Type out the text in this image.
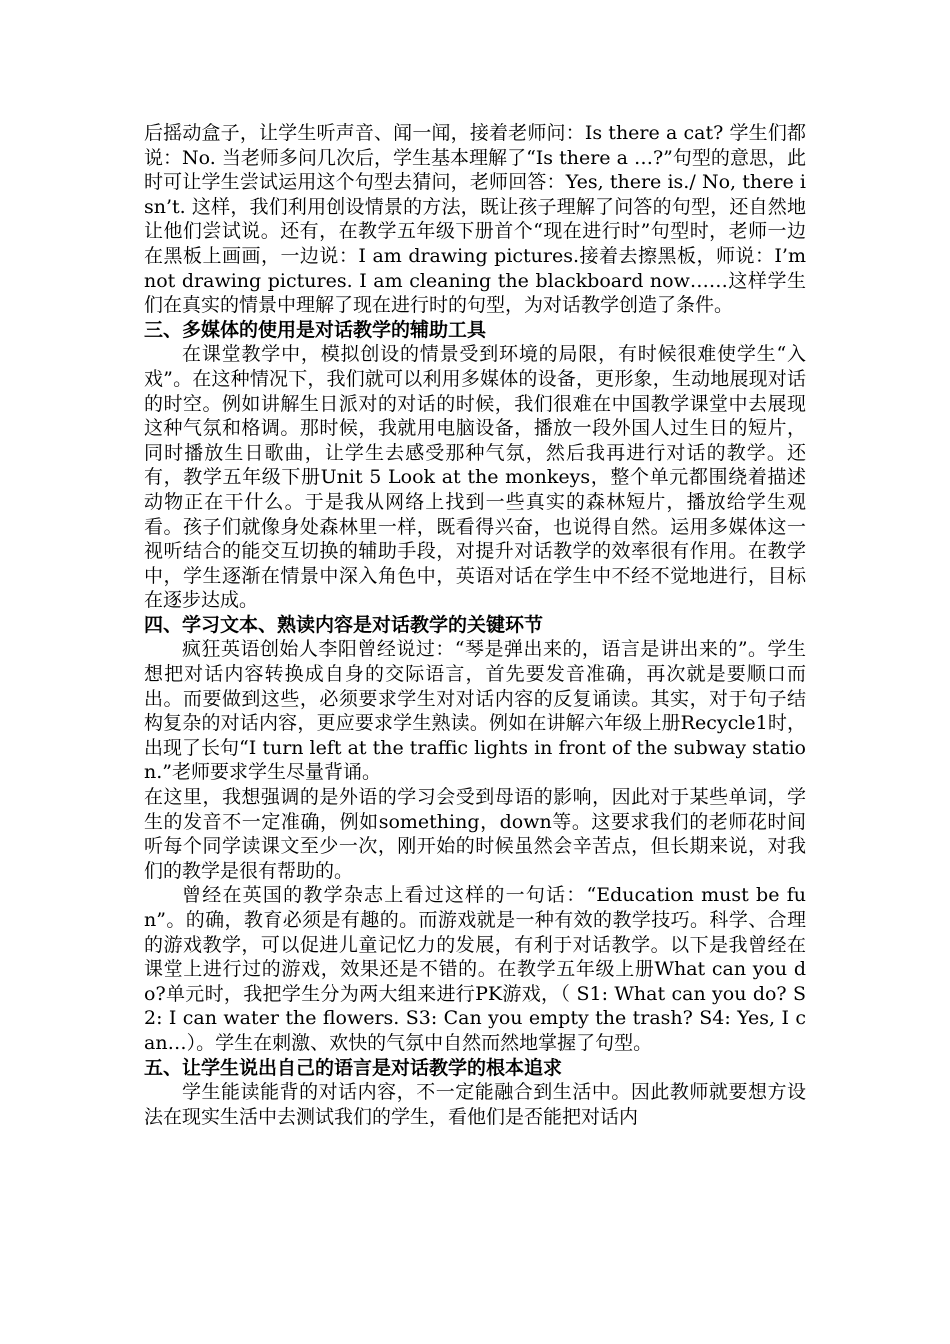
后摇动盒子，让学生听声音、闻一闻，接着老师问：Is there a cat? 学生们都说：No. 当老师多问几次后，学生基本理解了“Is there a …?”句型的意思，此时可让学生尝试运用这个句型去猜问，老师回答：Yes, there is./ No, there isn’t. 这样，我们利用创设情景的方法，既让孩子理解了问答的句型，还自然地让他们尝试说。还有，在教学五年级下册首个“现在进行时”句型时，老师一边在黑板上画画，一边说：I am drawing pictures.接着去擦黑板，师说：I’m not drawing pictures. I am cleaning the blackboard now……这样学生们在真实的情景中理解了现在进行时的句型，为对话教学创造了条件。

三、多媒体的使用是对话教学的辅助工具

在课堂教学中，模拟创设的情景受到环境的局限，有时候很难使学生“入戏”。在这种情况下，我们就可以利用多媒体的设备，更形象，生动地展现对话的时空。例如讲解生日派对的对话的时候，我们很难在中国教学课堂中去展现这种气氛和格调。那时候，我就用电脑设备，播放一段外国人过生日的短片，同时播放生日歌曲，让学生去感受那种气氛，然后我再进行对话的教学。还有，教学五年级下册Unit 5 Look at the monkeys，整个单元都围绕着描述动物正在干什么。于是我从网络上找到一些真实的森林短片，播放给学生观看。孩子们就像身处森林里一样，既看得兴奋，也说得自然。运用多媒体这一视听结合的能交互切换的辅助手段，对提升对话教学的效率很有作用。在教学中，学生逐渐在情景中深入角色中，英语对话在学生中不经不觉地进行，目标在逐步达成。

四、学习文本、熟读内容是对话教学的关键环节

疯狂英语创始人李阳曾经说过：“琴是弹出来的，语言是讲出来的”。学生想把对话内容转换成自身的交际语言，首先要发音准确，再次就是要顺口而出。而要做到这些，必须要求学生对对话内容的反复诵读。其实，对于句子结构复杂的对话内容，更应要求学生熟读。例如在讲解六年级上册Recycle1时，出现了长句“I turn left at the traffic lights in front of the subway station.”老师要求学生尽量背诵。

在这里，我想强调的是外语的学习会受到母语的影响，因此对于某些单词，学生的发音不一定准确，例如something，down等。这要求我们的老师花时间听每个同学读课文至少一次，刚开始的时候虽然会辛苦点，但长期来说，对我们的教学是很有帮助的。

曾经在英国的教学杂志上看过这样的一句话：“Education must be fun”。的确，教育必须是有趣的。而游戏就是一种有效的教学技巧。科学、合理的游戏教学，可以促进儿童记忆力的发展，有利于对话教学。以下是我曾经在课堂上进行过的游戏，效果还是不错的。在教学五年级上册What can you do?单元时，我把学生分为两大组来进行PK游戏，（ S1: What can you do? S2: I can water the flowers. S3: Can you empty the trash? S4: Yes, I can…）。学生在刺激、欢快的气氛中自然而然地掌握了句型。

五、让学生说出自己的语言是对话教学的根本追求

学生能读能背的对话内容，不一定能融合到生活中。因此教师就要想方设法在现实生活中去测试我们的学生，看他们是否能把对话内
